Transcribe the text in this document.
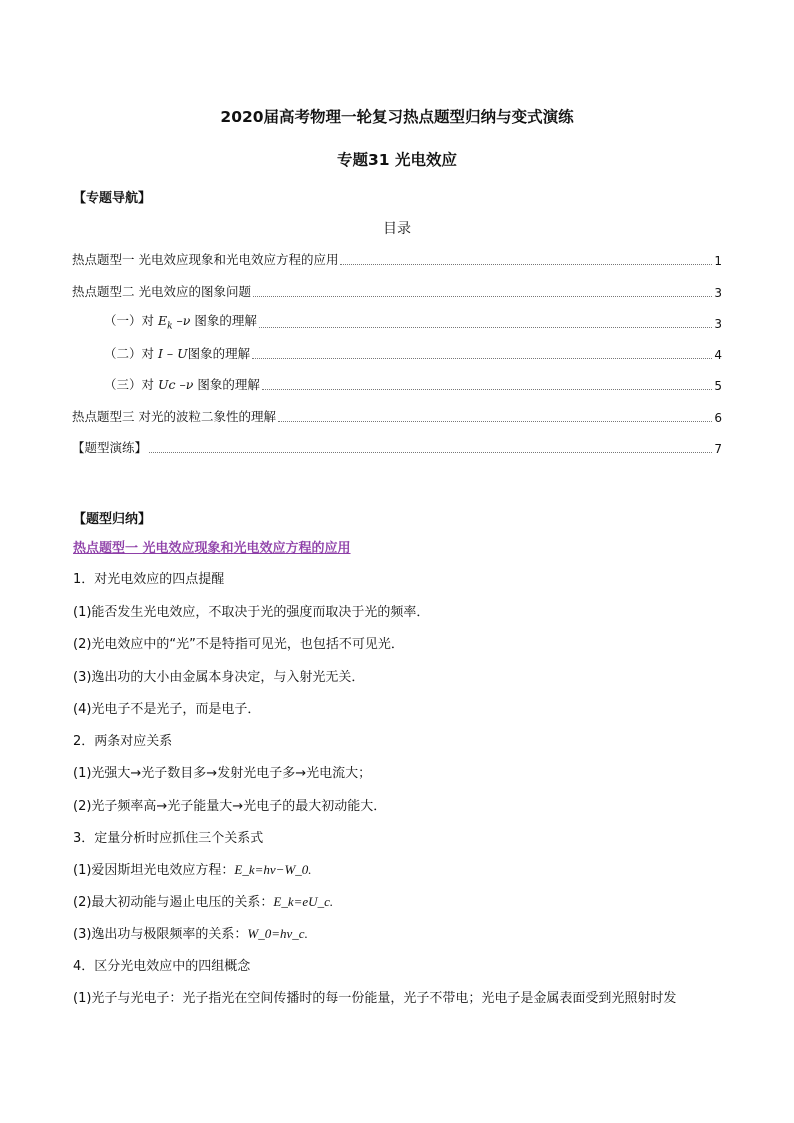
2020届高考物理一轮复习热点题型归纳与变式演练
专题31 光电效应
【专题导航】
目录
热点题型一 光电效应现象和光电效应方程的应用	1
热点题型二 光电效应的图象问题	3
（一）对 $E_k$ –ν 图象的理解	3
（二）对 I – U图象的理解	4
（三）对 Uc –ν 图象的理解	5
热点题型三 对光的波粒二象性的理解	6
【题型演练】	7
【题型归纳】
热点题型一 光电效应现象和光电效应方程的应用
1．对光电效应的四点提醒
(1)能否发生光电效应，不取决于光的强度而取决于光的频率．
(2)光电效应中的“光”不是特指可见光，也包括不可见光．
(3)逸出功的大小由金属本身决定，与入射光无关．
(4)光电子不是光子，而是电子．
2．两条对应关系
(1)光强大→光子数目多→发射光电子多→光电流大；
(2)光子频率高→光子能量大→光电子的最大初动能大．
3．定量分析时应抓住三个关系式
(1)爱因斯坦光电效应方程：E_k=hν−W_0.
(2)最大初动能与遏止电压的关系：E_k=eU_c.
(3)逸出功与极限频率的关系：W_0=hν_c.
4．区分光电效应中的四组概念
(1)光子与光电子：光子指光在空间传播时的每一份能量，光子不带电；光电子是金属表面受到光照射时发
